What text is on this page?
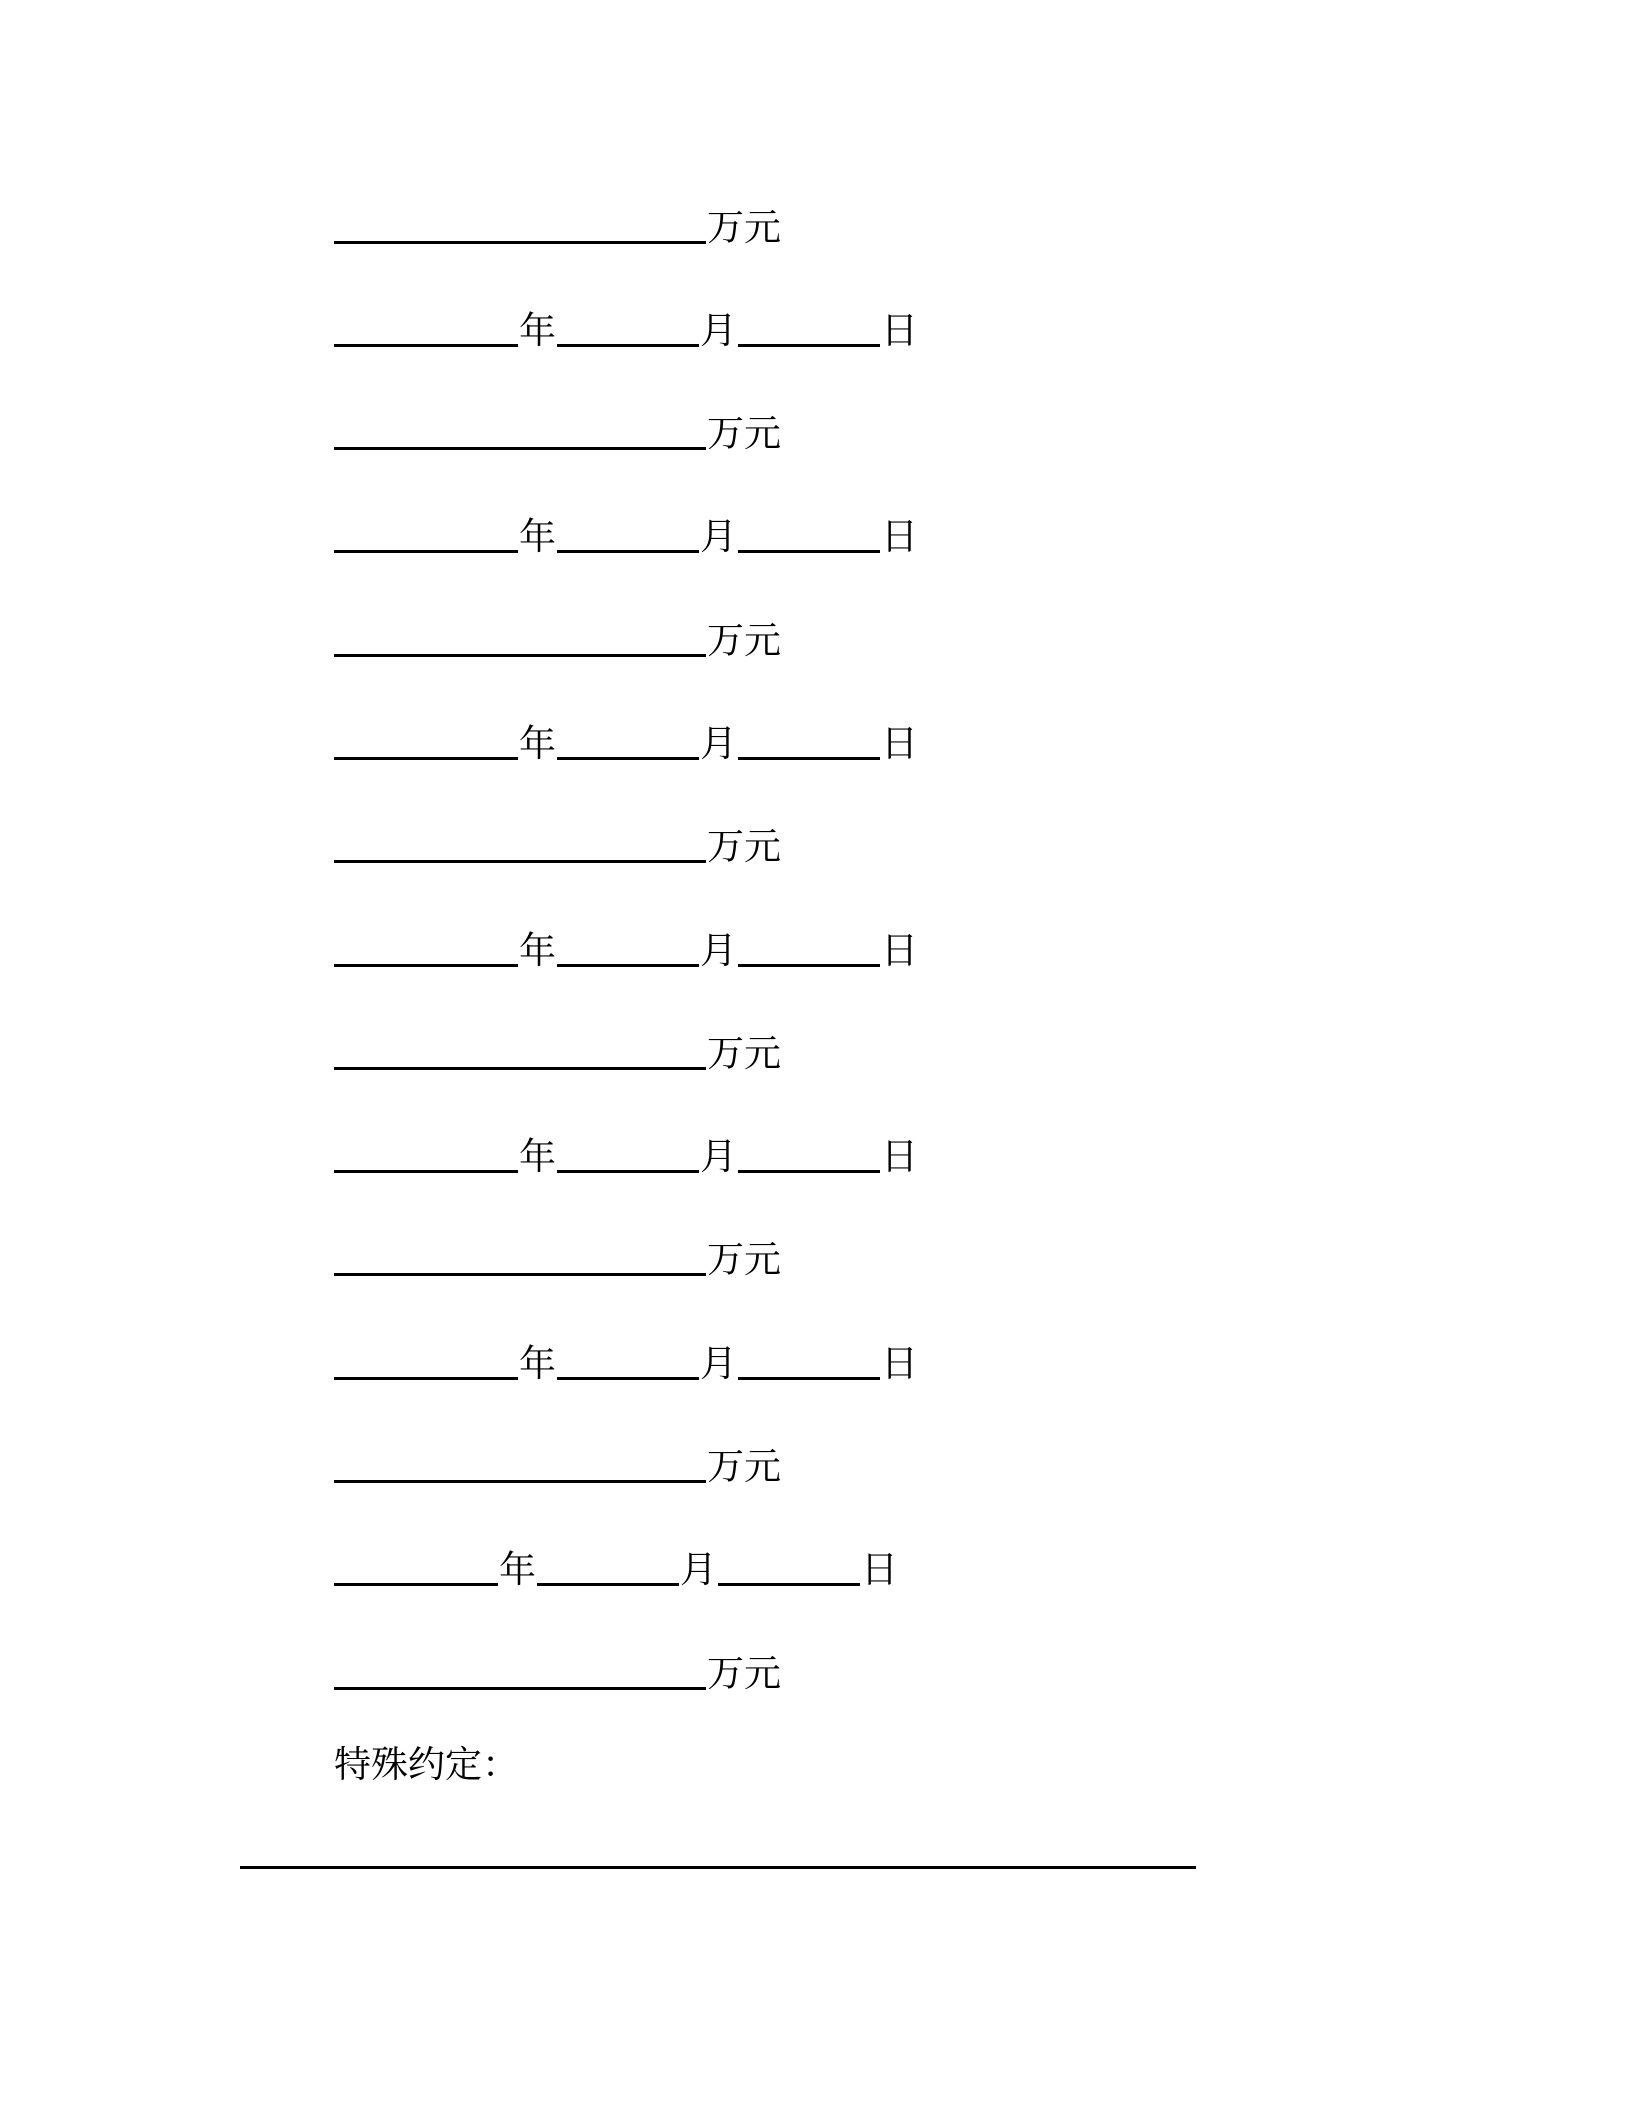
万元
年	月	日
万元
年	月	日
万元
年	月	日
万元
年	月	日
万元
年	月	日
万元
年	月	日
万元
年	月	日
万元
特殊约定：
